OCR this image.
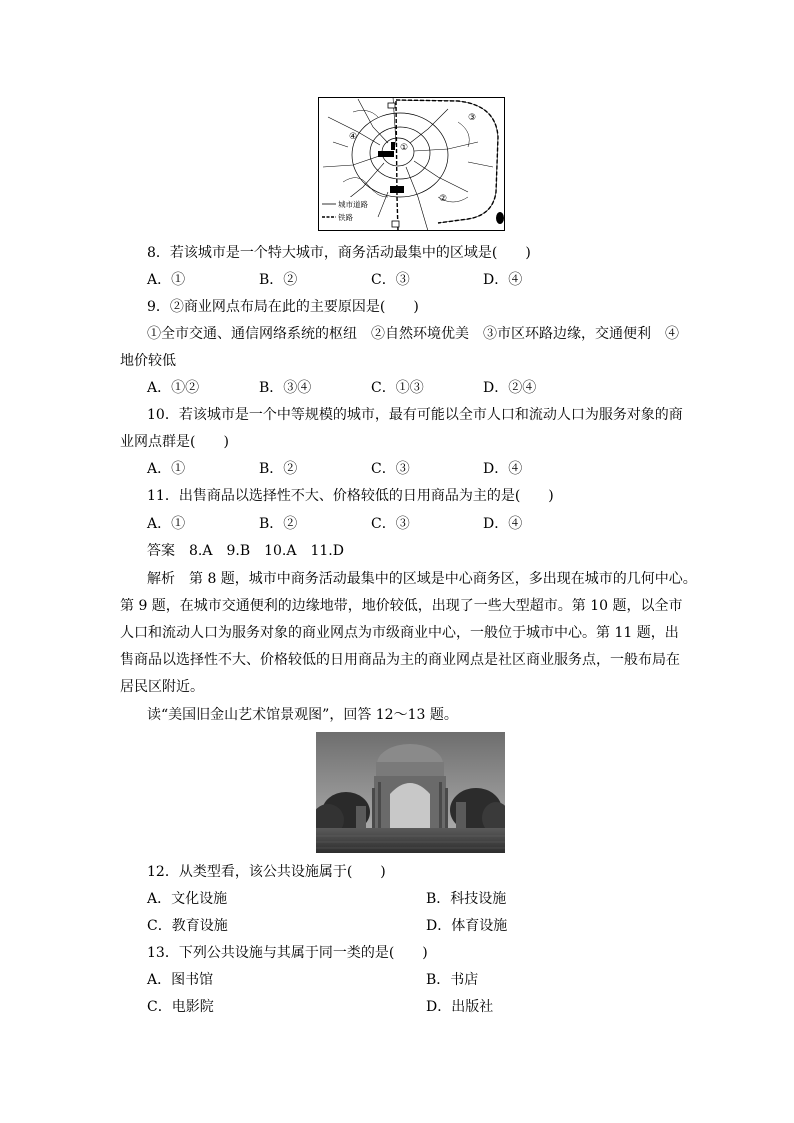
①
②
③
④
城市道路
铁路
8．若该城市是一个特大城市，商务活动最集中的区域是(　　)
A．①	B．②	C．③	D．④
9．②商业网点布局在此的主要原因是(　　)
①全市交通、通信网络系统的枢纽　②自然环境优美　③市区环路边缘，交通便利　④
地价较低
A．①②	B．③④	C．①③	D．②④
10．若该城市是一个中等规模的城市，最有可能以全市人口和流动人口为服务对象的商
业网点群是(　　)
A．①	B．②	C．③	D．④
11．出售商品以选择性不大、价格较低的日用商品为主的是(　　)
A．①	B．②	C．③	D．④
答案　 8.A　9.B　10.A　11.D
解析　 第 8 题，城市中商务活动最集中的区域是中心商务区，多出现在城市的几何中心。
第 9 题，在城市交通便利的边缘地带，地价较低，出现了一些大型超市。第 10 题，以全市
人口和流动人口为服务对象的商业网点为市级商业中心，一般位于城市中心。第 11 题，出
售商品以选择性不大、价格较低的日用商品为主的商业网点是社区商业服务点，一般布局在
居民区附近。
读“美国旧金山艺术馆景观图”，回答 12～13 题。
12．从类型看，该公共设施属于(　　)
A．文化设施	B．科技设施
C．教育设施	D．体育设施
13．下列公共设施与其属于同一类的是(　　)
A．图书馆	B．书店
C．电影院	D．出版社
